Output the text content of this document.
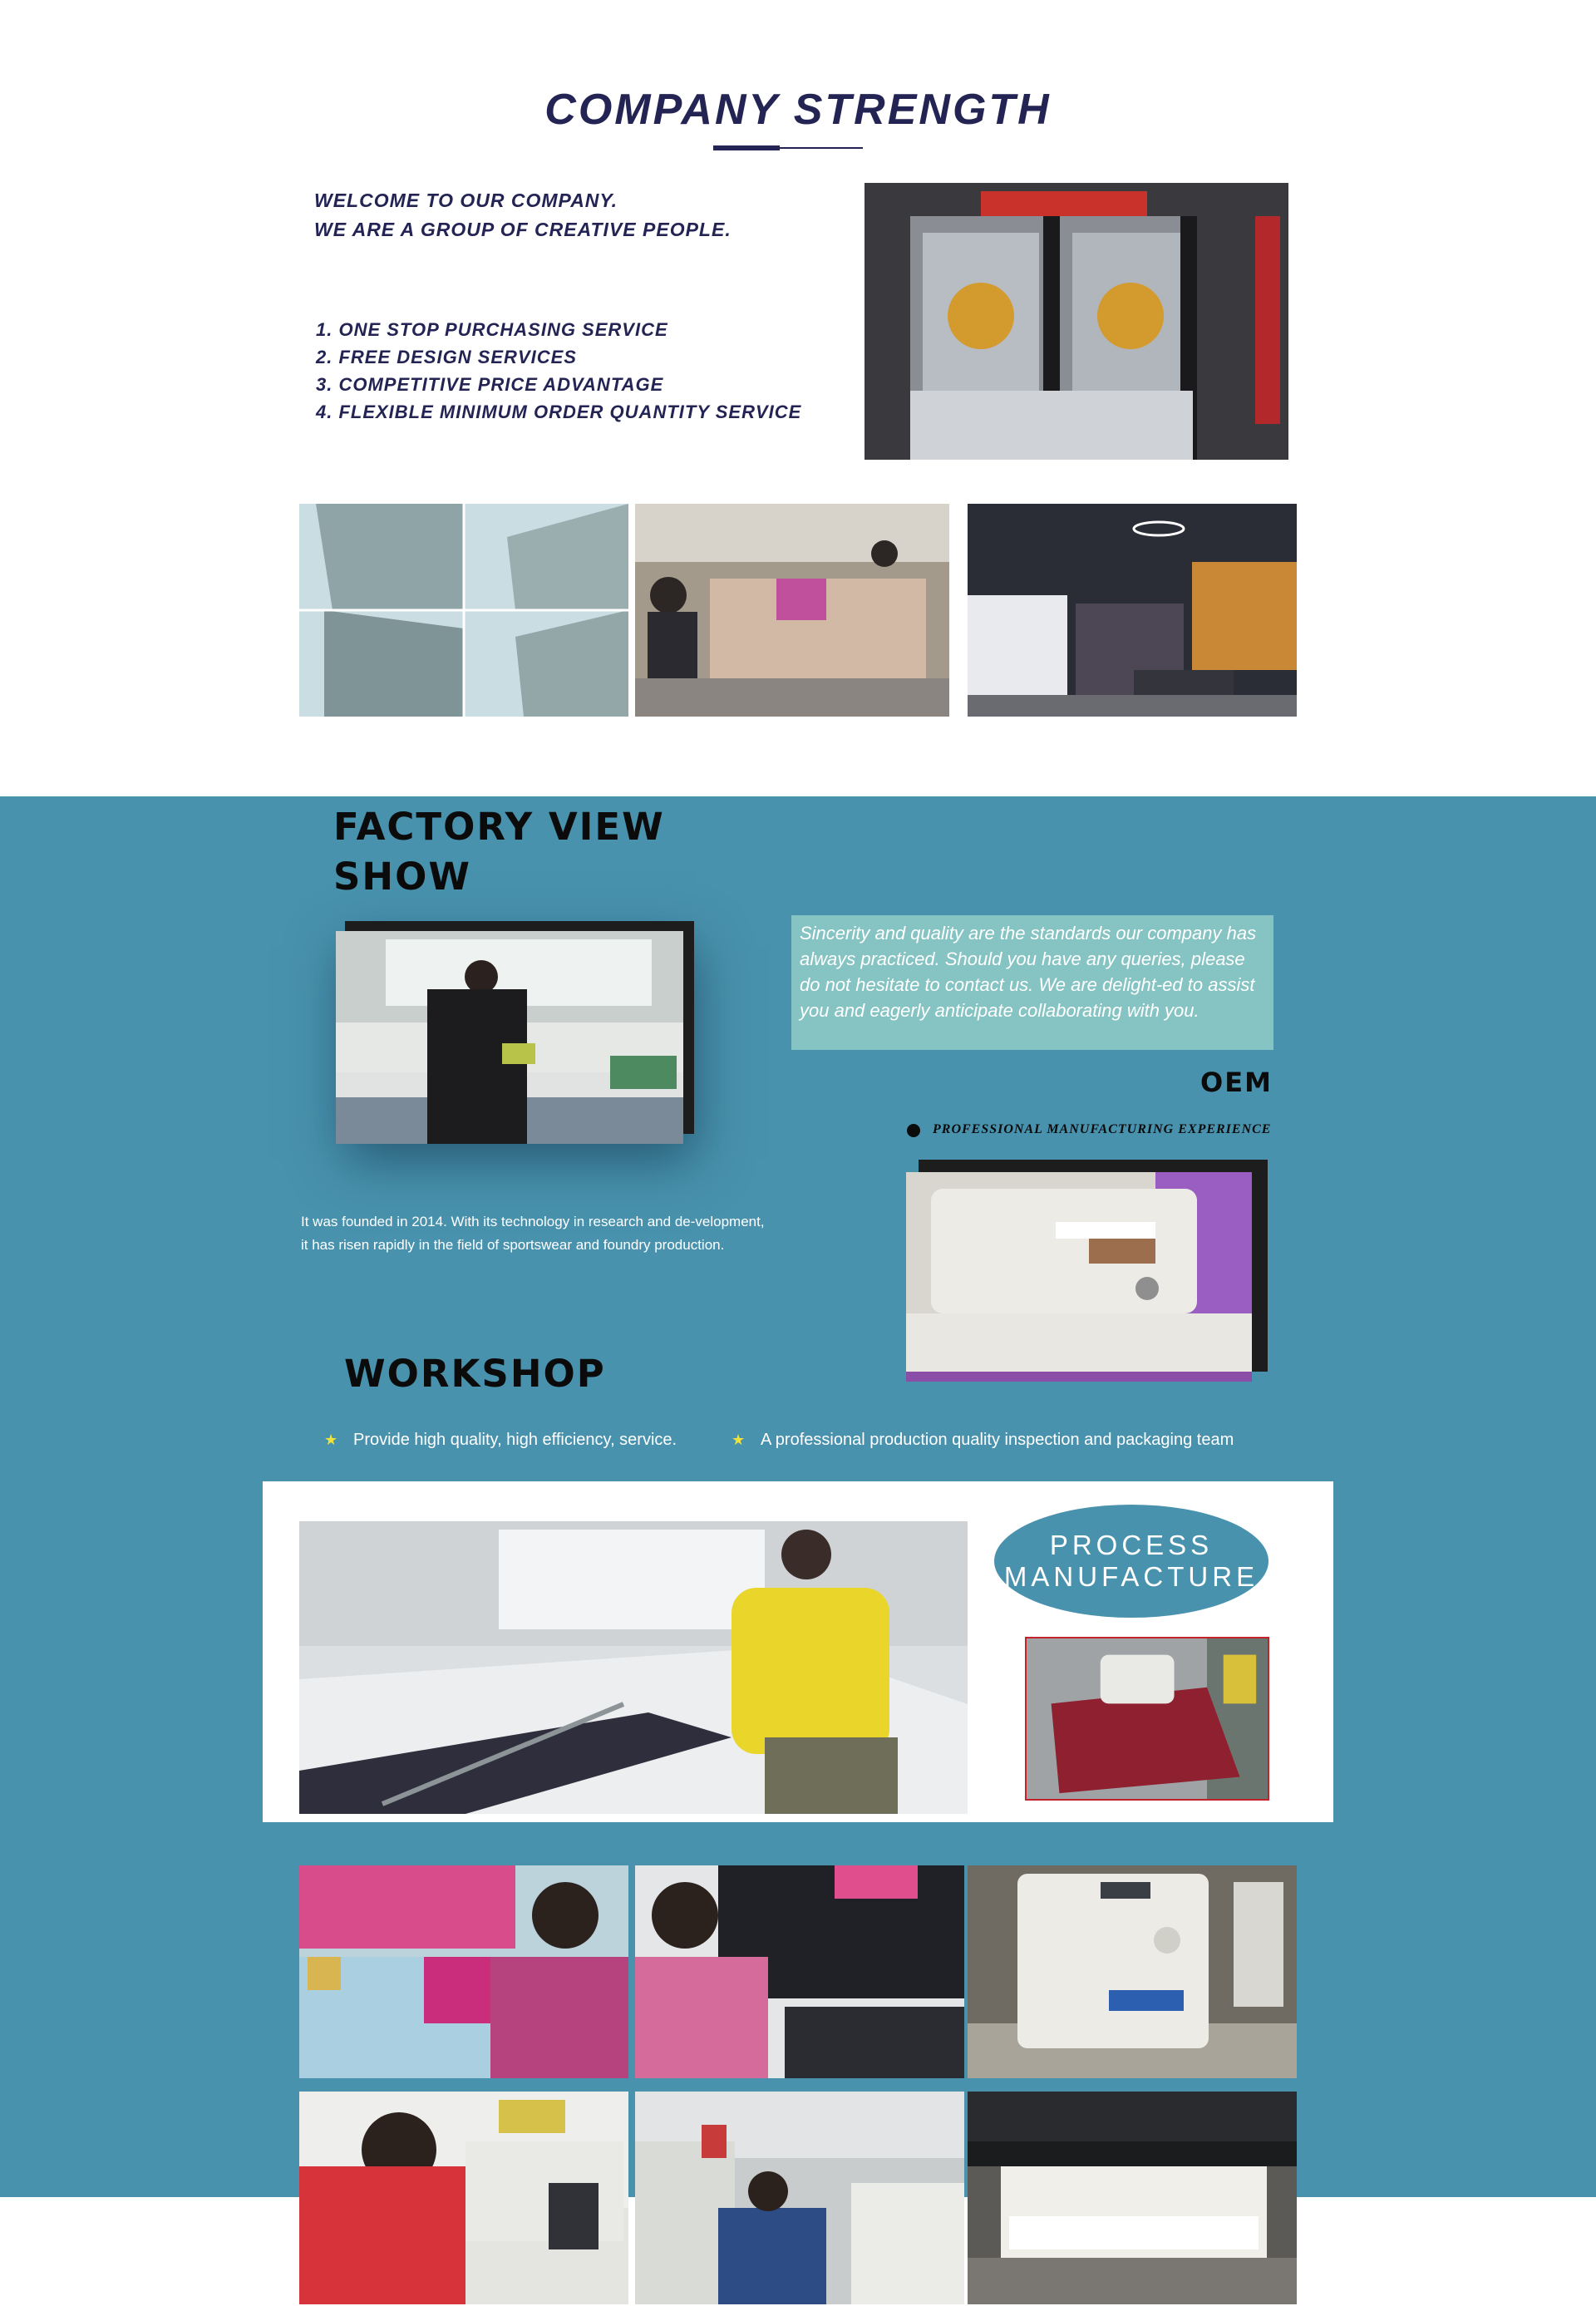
COMPANY STRENGTH
WELCOME TO OUR COMPANY.
WE ARE A GROUP OF CREATIVE PEOPLE.
1. ONE STOP PURCHASING SERVICE
2. FREE DESIGN SERVICES
3. COMPETITIVE PRICE ADVANTAGE
4. FLEXIBLE MINIMUM ORDER QUANTITY SERVICE
FACTORY VIEW
SHOW
Sincerity and quality are the standards our company has always practiced. Should you have any queries, please do not hesitate to contact us. We are delight-ed to assist you and eagerly anticipate collaborating with you.
OEM
PROFESSIONAL MANUFACTURING EXPERIENCE
It was founded in 2014. With its technology in research and de-velopment, it has risen rapidly in the field of sportswear and foundry production.
WORKSHOP
★ Provide high quality, high efficiency, service.	★ A professional production quality inspection and packaging team
PROCESS
MANUFACTURE
